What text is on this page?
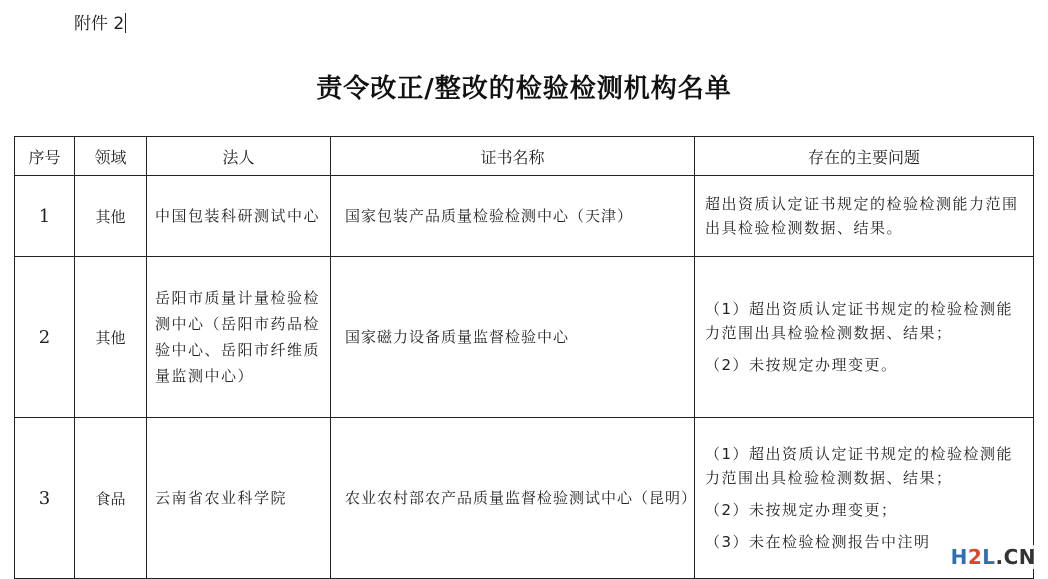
附件 2
责令改正/整改的检验检测机构名单
序号	领域	法人	证书名称	存在的主要问题
1	其他	中国包装科研测试中心	国家包装产品质量检验检测中心（天津）	超出资质认定证书规定的检验检测能力范围出具检验检测数据、结果。

2	其他	岳阳市质量计量检验检测中心（岳阳市药品检验中心、岳阳市纤维质量监测中心）	国家磁力设备质量监督检验中心	（1）超出资质认定证书规定的检验检测能力范围出具检验检测数据、结果；
（2）未按规定办理变更。

3	食品	云南省农业科学院	农业农村部农产品质量监督检验测试中心（昆明）	（1）超出资质认定证书规定的检验检测能力范围出具检验检测数据、结果；
（2）未按规定办理变更；
（3）未在检验检测报告中注明
H2L.CN
